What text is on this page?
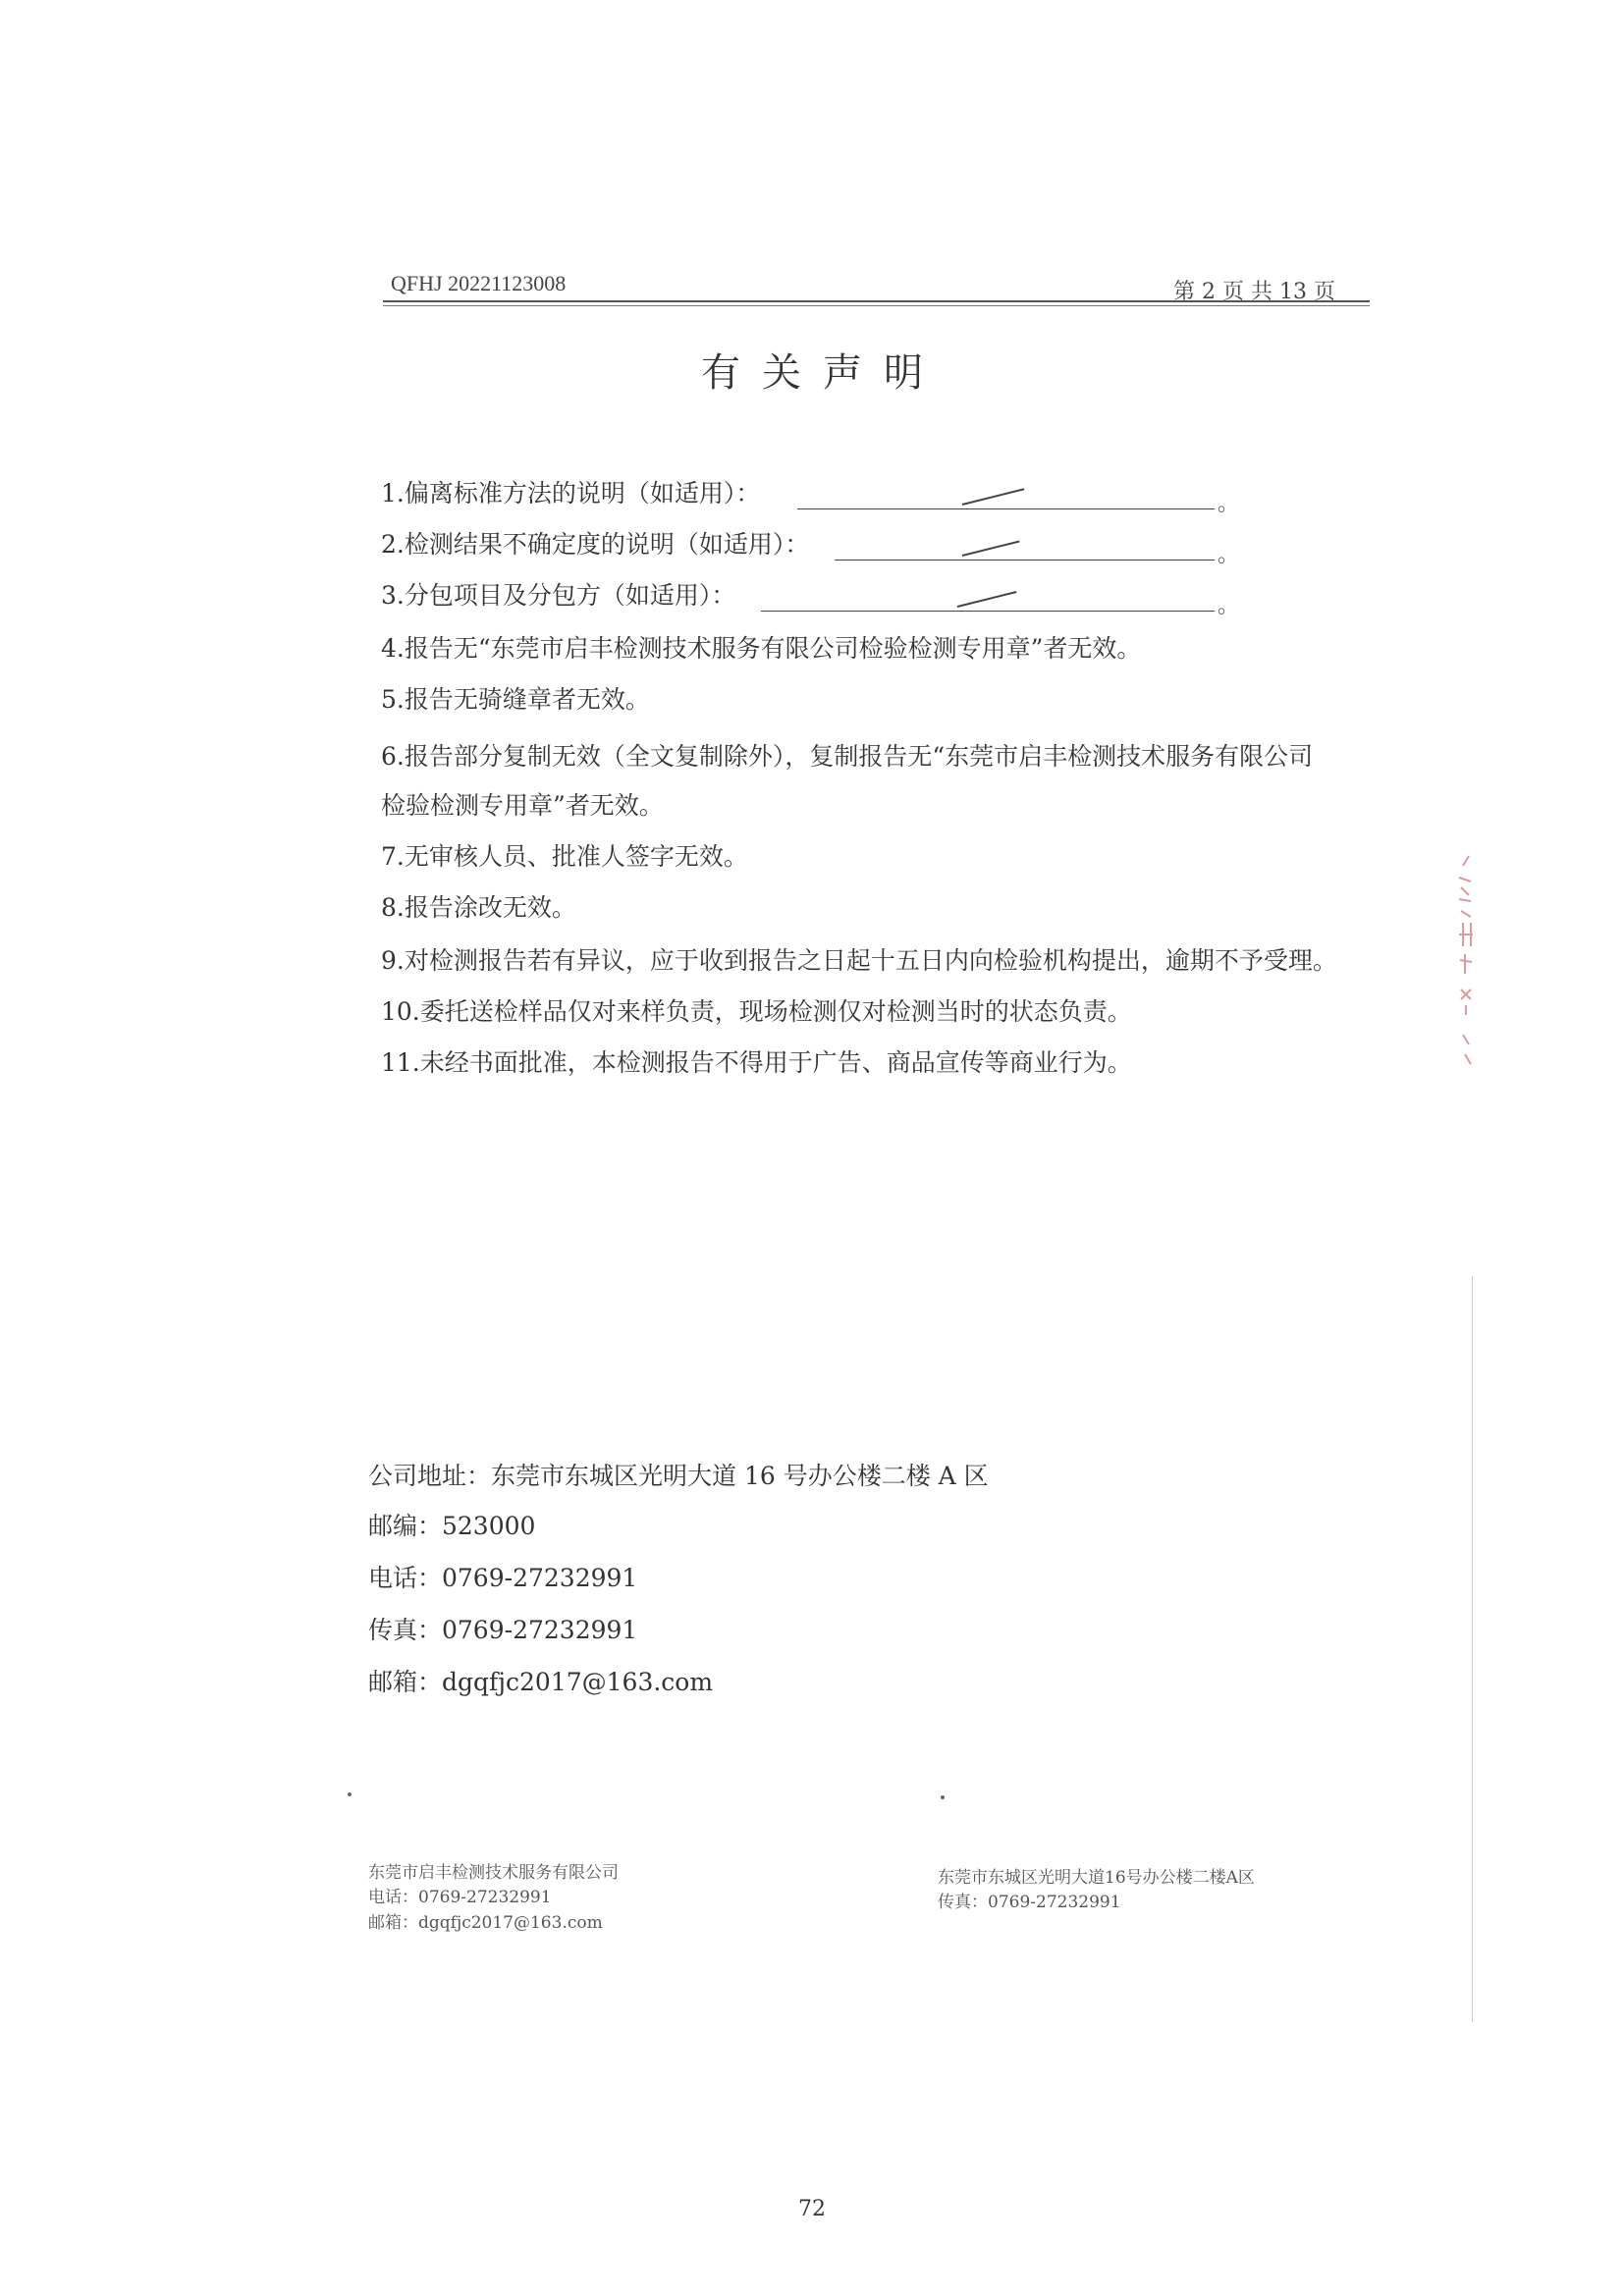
QFHJ 20221123008	第 2 页 共 13 页
有关声明
1.偏离标准方法的说明（如适用）：	。
2.检测结果不确定度的说明（如适用）：	。
3.分包项目及分包方（如适用）：	。
4.报告无“东莞市启丰检测技术服务有限公司检验检测专用章”者无效。
5.报告无骑缝章者无效。
6.报告部分复制无效（全文复制除外），复制报告无“东莞市启丰检测技术服务有限公司
检验检测专用章”者无效。
7.无审核人员、批准人签字无效。
8.报告涂改无效。
9.对检测报告若有异议，应于收到报告之日起十五日内向检验机构提出，逾期不予受理。
10.委托送检样品仅对来样负责，现场检测仅对检测当时的状态负责。
11.未经书面批准，本检测报告不得用于广告、商品宣传等商业行为。
公司地址：东莞市东城区光明大道 16 号办公楼二楼 A 区
邮编：523000
电话：0769-27232991
传真：0769-27232991
邮箱：dgqfjc2017@163.com
东莞市启丰检测技术服务有限公司
电话：0769-27232991
邮箱：dgqfjc2017@163.com
东莞市东城区光明大道16号办公楼二楼A区
传真：0769-27232991
72
